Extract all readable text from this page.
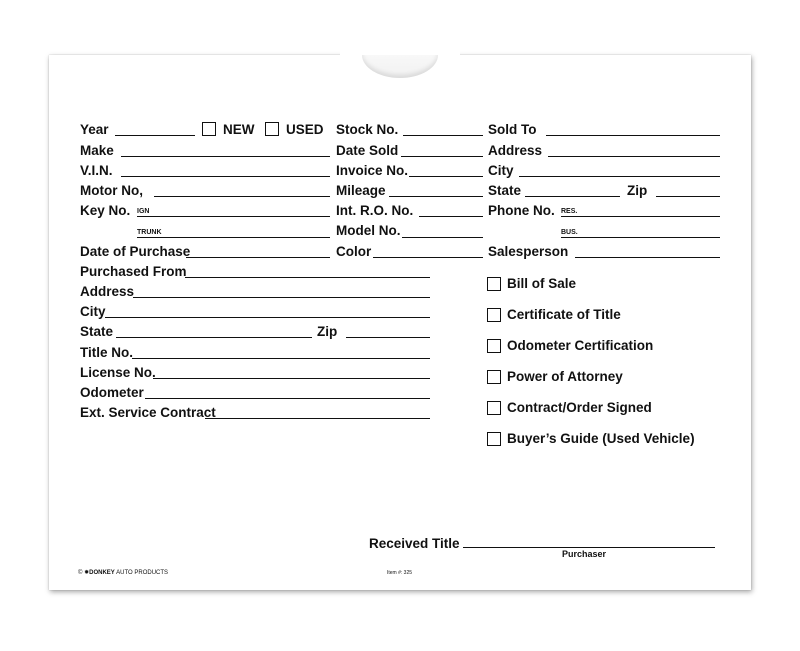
Year	NEW USED Stock No.	Sold To
Make	Date Sold	Address
V.I.N.	Invoice No.	City
Motor No,	Mileage	State	Zip
Key No. IGN	Int. R.O. No.	Phone No. RES.
TRUNK	Model No.	BUS.
Date of Purchase	Color	Salesperson
Purchased From
Address
City
State	Zip
Title No.
License No.
Odometer
Ext. Service Contract
Bill of Sale
Certificate of Title
Odometer Certification
Power of Attorney
Contract/Order Signed
Buyer’s Guide (Used Vehicle)
Received Title
Purchaser
© ✹DONKEY AUTO PRODUCTS	Item #: 325
